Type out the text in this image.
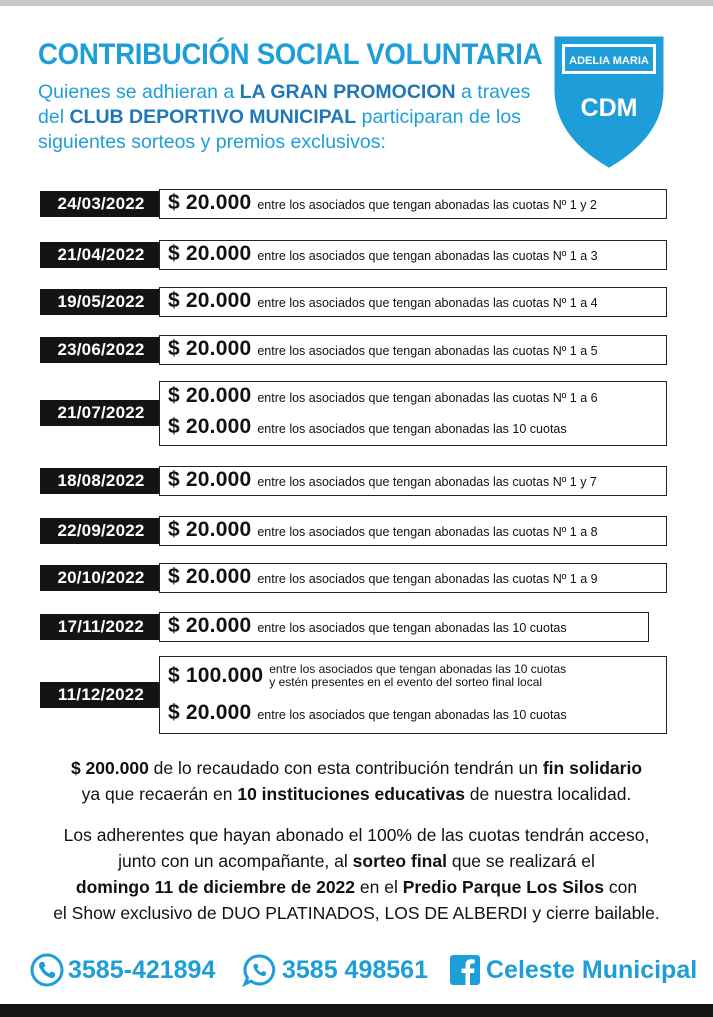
CONTRIBUCIÓN SOCIAL VOLUNTARIA
Quienes se adhieran a LA GRAN PROMOCION a traves del CLUB DEPORTIVO MUNICIPAL participaran de los siguientes sorteos y premios exclusivos:
ADELIA MARIA
CDM
24/03/2022	$ 20.000 entre los asociados que tengan abonadas las cuotas Nº 1 y 2
21/04/2022	$ 20.000 entre los asociados que tengan abonadas las cuotas Nº 1 a 3
19/05/2022	$ 20.000 entre los asociados que tengan abonadas las cuotas Nº 1 a 4
23/06/2022	$ 20.000 entre los asociados que tengan abonadas las cuotas Nº 1 a 5
21/07/2022
$ 20.000 entre los asociados que tengan abonadas las cuotas Nº 1 a 6
$ 20.000 entre los asociados que tengan abonadas las 10 cuotas
18/08/2022	$ 20.000 entre los asociados que tengan abonadas las cuotas Nº 1 y 7
22/09/2022	$ 20.000 entre los asociados que tengan abonadas las cuotas Nº 1 a 8
20/10/2022	$ 20.000 entre los asociados que tengan abonadas las cuotas Nº 1 a 9
17/11/2022	$ 20.000 entre los asociados que tengan abonadas las 10 cuotas
11/12/2022
$ 100.000 entre los asociados que tengan abonadas las 10 cuotas
y estén presentes en el evento del sorteo final local
$ 20.000 entre los asociados que tengan abonadas las 10 cuotas
$ 200.000 de lo recaudado con esta contribución tendrán un fin solidario
ya que recaerán en 10 instituciones educativas de nuestra localidad.
Los adherentes que hayan abonado el 100% de las cuotas tendrán acceso,
junto con un acompañante, al sorteo final que se realizará el
domingo 11 de diciembre de 2022 en el Predio Parque Los Silos con
el Show exclusivo de DUO PLATINADOS, LOS DE ALBERDI y cierre bailable.
3585-421894	3585 498561 Celeste Municipal
